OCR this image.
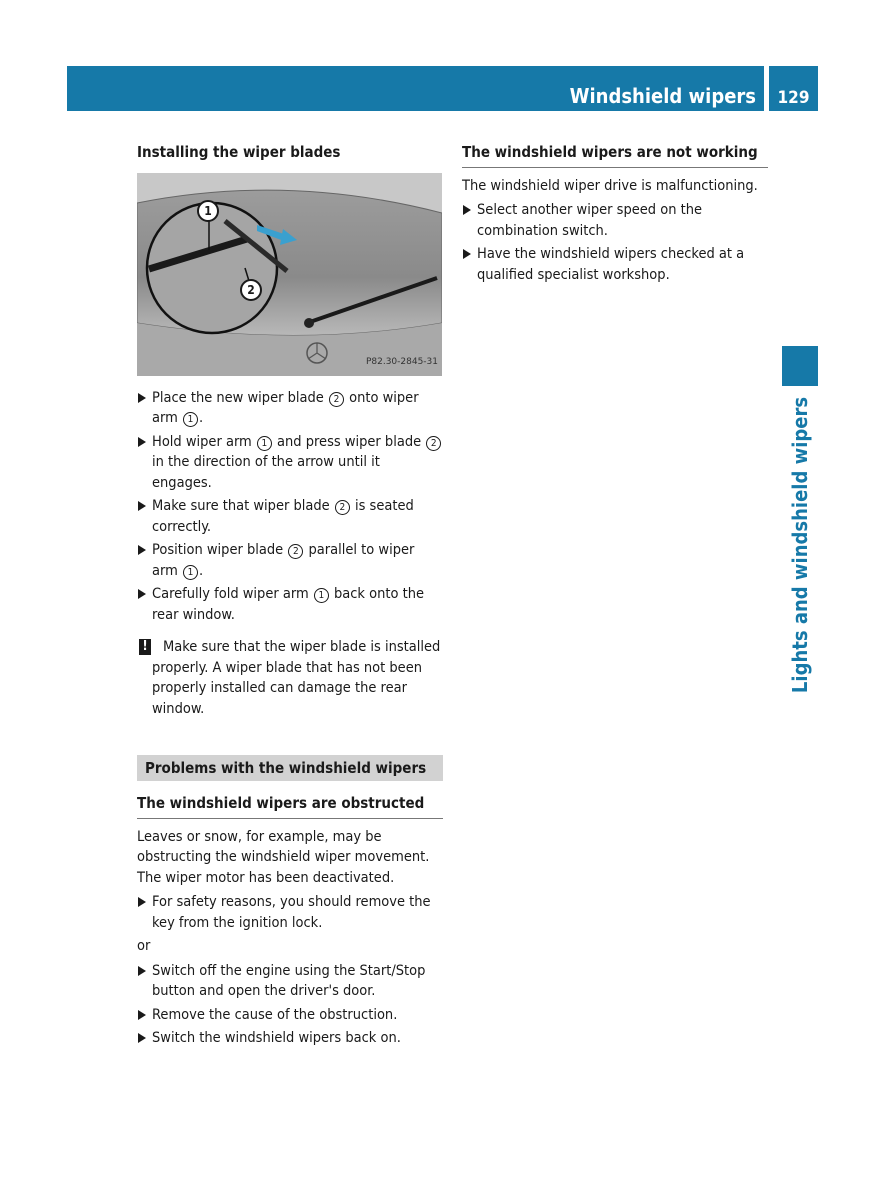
Windshield wipers	129
Lights and windshield wipers
Installing the wiper blades
1
2
P82.30-2845-31
Place the new wiper blade 2 onto wiper arm 1 .
Hold wiper arm 1 and press wiper blade 2 in the direction of the arrow until it engages.
Make sure that wiper blade 2 is seated correctly.
Position wiper blade 2 parallel to wiper arm 1 .
Carefully fold wiper arm 1 back onto the rear window.
! Make sure that the wiper blade is installed properly. A wiper blade that has not been properly installed can damage the rear window.
Problems with the windshield wipers
The windshield wipers are obstructed

Leaves or snow, for example, may be obstructing the windshield wiper movement. The wiper motor has been deactivated.

For safety reasons, you should remove the key from the ignition lock.

or

Switch off the engine using the Start/Stop button and open the driver's door.
Remove the cause of the obstruction.
Switch the windshield wipers back on.
The windshield wipers are not working

The windshield wiper drive is malfunctioning.

Select another wiper speed on the combination switch.
Have the windshield wipers checked at a qualified specialist workshop.
